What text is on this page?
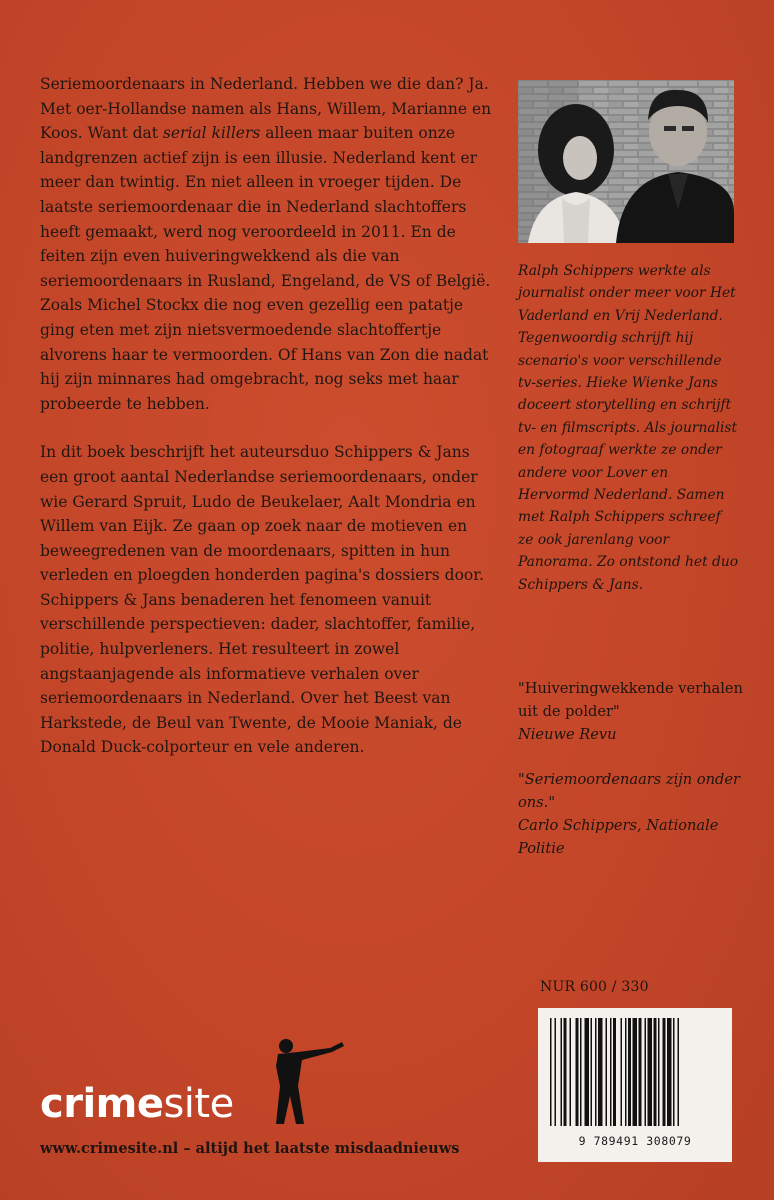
Seriemoordenaars in Nederland. Hebben we die dan? Ja. Met oer-Hollandse namen als Hans, Willem, Marianne en Koos. Want dat serial killers alleen maar buiten onze landgrenzen actief zijn is een illusie. Nederland kent er meer dan twintig. En niet alleen in vroeger tijden. De laatste seriemoordenaar die in Nederland slachtoffers heeft gemaakt, werd nog veroordeeld in 2011. En de feiten zijn even huiveringwekkend als die van seriemoordenaars in Rusland, Engeland, de VS of België. Zoals Michel Stockx die nog even gezellig een patatje ging eten met zijn nietsvermoedende slachtoffertje alvorens haar te vermoorden. Of Hans van Zon die nadat hij zijn minnares had omgebracht, nog seks met haar probeerde te hebben.

In dit boek beschrijft het auteursduo Schippers & Jans een groot aantal Nederlandse seriemoordenaars, onder wie Gerard Spruit, Ludo de Beukelaer, Aalt Mondria en Willem van Eijk. Ze gaan op zoek naar de motieven en beweegredenen van de moordenaars, spitten in hun verleden en ploegden honderden pagina's dossiers door. Schippers & Jans benaderen het fenomeen vanuit verschillende perspectieven: dader, slachtoffer, familie, politie, hulpverleners. Het resulteert in zowel angstaanjagende als informatieve verhalen over seriemoordenaars in Nederland. Over het Beest van Harkstede, de Beul van Twente, de Mooie Maniak, de Donald Duck-colporteur en vele anderen.

Ralph Schippers werkte als journalist onder meer voor Het Vaderland en Vrij Nederland. Tegenwoordig schrijft hij scenario's voor verschillende tv-series. Hieke Wienke Jans doceert storytelling en schrijft tv- en filmscripts. Als journalist en fotograaf werkte ze onder andere voor Lover en Hervormd Nederland. Samen met Ralph Schippers schreef ze ook jarenlang voor Panorama. Zo ontstond het duo Schippers & Jans.
"Huiveringwekkende verhalen uit de polder"
Nieuwe Revu
"Seriemoordenaars zijn onder ons."
Carlo Schippers, Nationale Politie
NUR 600 / 330
9 789491 308079
crimesite
www.crimesite.nl – altijd het laatste misdaadnieuws
